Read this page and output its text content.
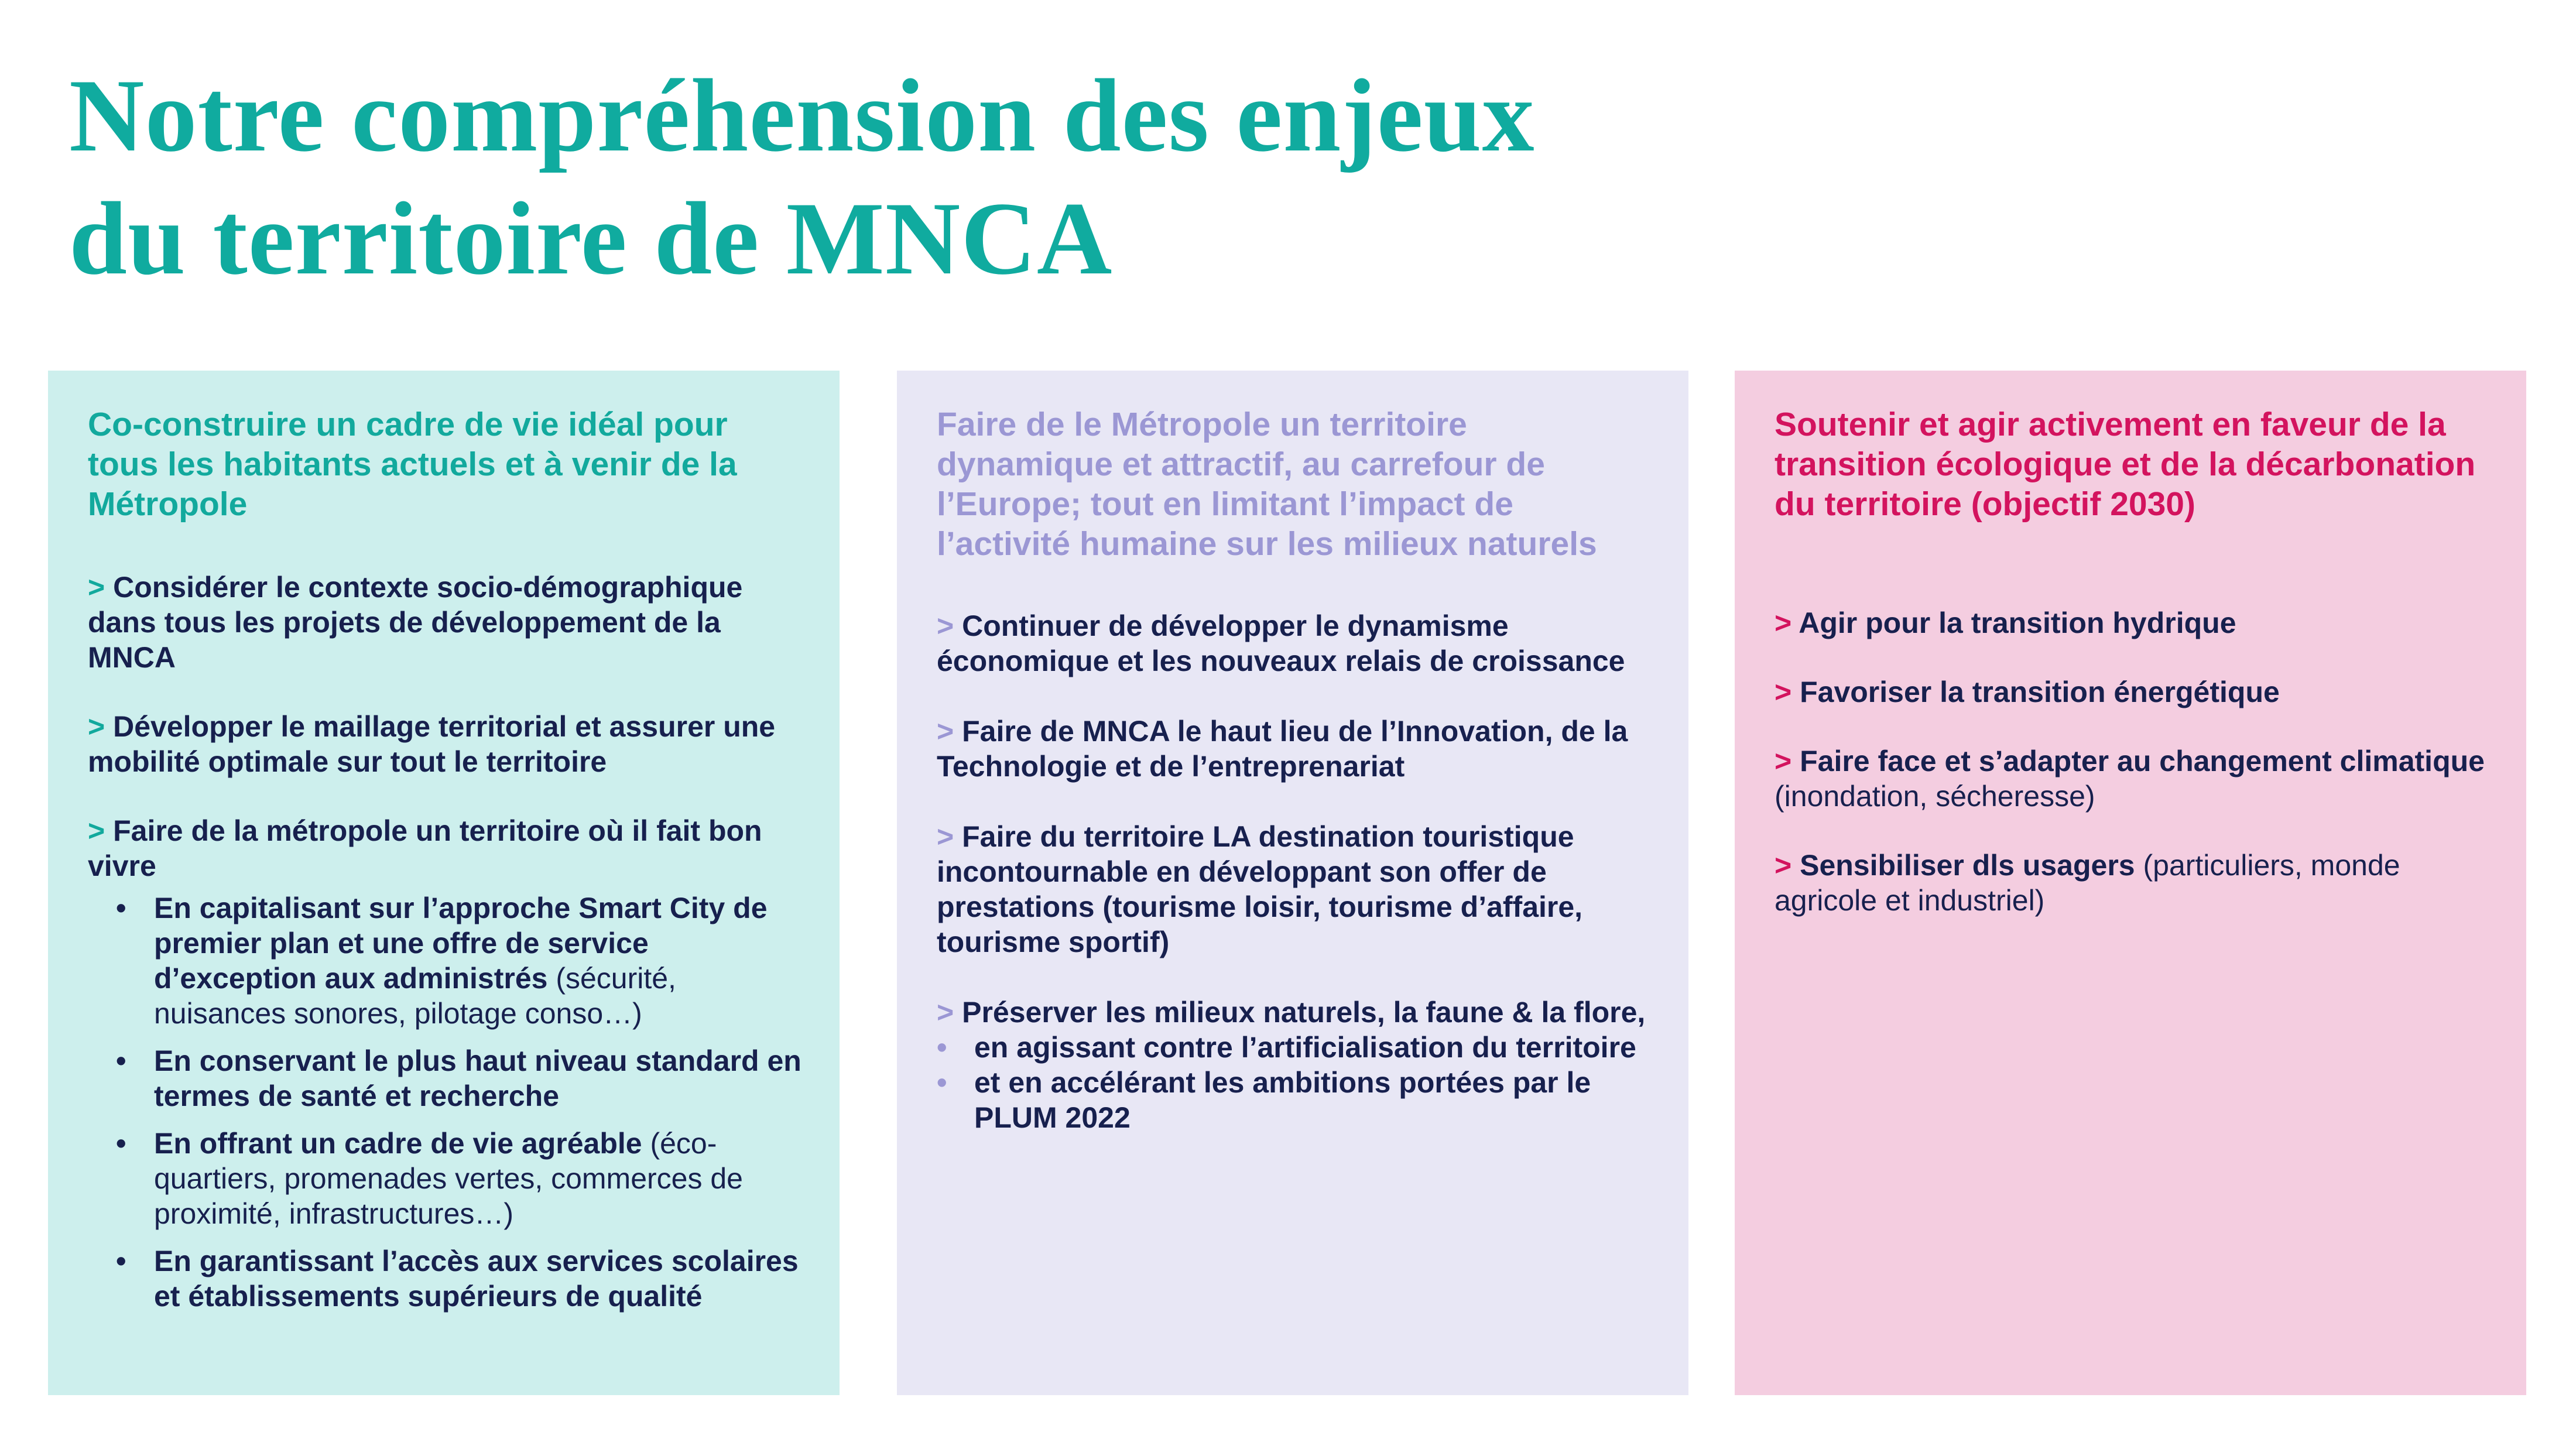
Notre compréhension des enjeux
du territoire de MNCA
Co-construire un cadre de vie idéal pour tous les habitants actuels et à venir de la Métropole
> Considérer le contexte socio-démographique dans tous les projets de développement de la MNCA
> Développer le maillage territorial et assurer une mobilité optimale sur tout le territoire
> Faire de la métropole un territoire où il fait bon vivre
• En capitalisant sur l’approche Smart City de premier plan et une offre de service d’exception aux administrés (sécurité, nuisances sonores, pilotage conso…)
• En conservant le plus haut niveau standard en termes de santé et recherche
• En offrant un cadre de vie agréable (éco-quartiers, promenades vertes, commerces de proximité, infrastructures…)
• En garantissant l’accès aux services scolaires et établissements supérieurs de qualité
Faire de le Métropole un territoire dynamique et attractif, au carrefour de l’Europe; tout en limitant l’impact de l’activité humaine sur les milieux naturels
> Continuer de développer le dynamisme économique et les nouveaux relais de croissance
> Faire de MNCA le haut lieu de l’Innovation, de la Technologie et de l’entreprenariat
> Faire du territoire LA destination touristique incontournable en développant son offer de prestations (tourisme loisir, tourisme d’affaire, tourisme sportif)
> Préserver les milieux naturels, la faune & la flore,
• en agissant contre l’artificialisation du territoire
• et en accélérant les ambitions portées par le PLUM 2022
Soutenir et agir activement en faveur de la transition écologique et de la décarbonation du territoire (objectif 2030)
> Agir pour la transition hydrique
> Favoriser la transition énergétique
> Faire face et s’adapter au changement climatique (inondation, sécheresse)
> Sensibiliser dls usagers (particuliers, monde agricole et industriel)
